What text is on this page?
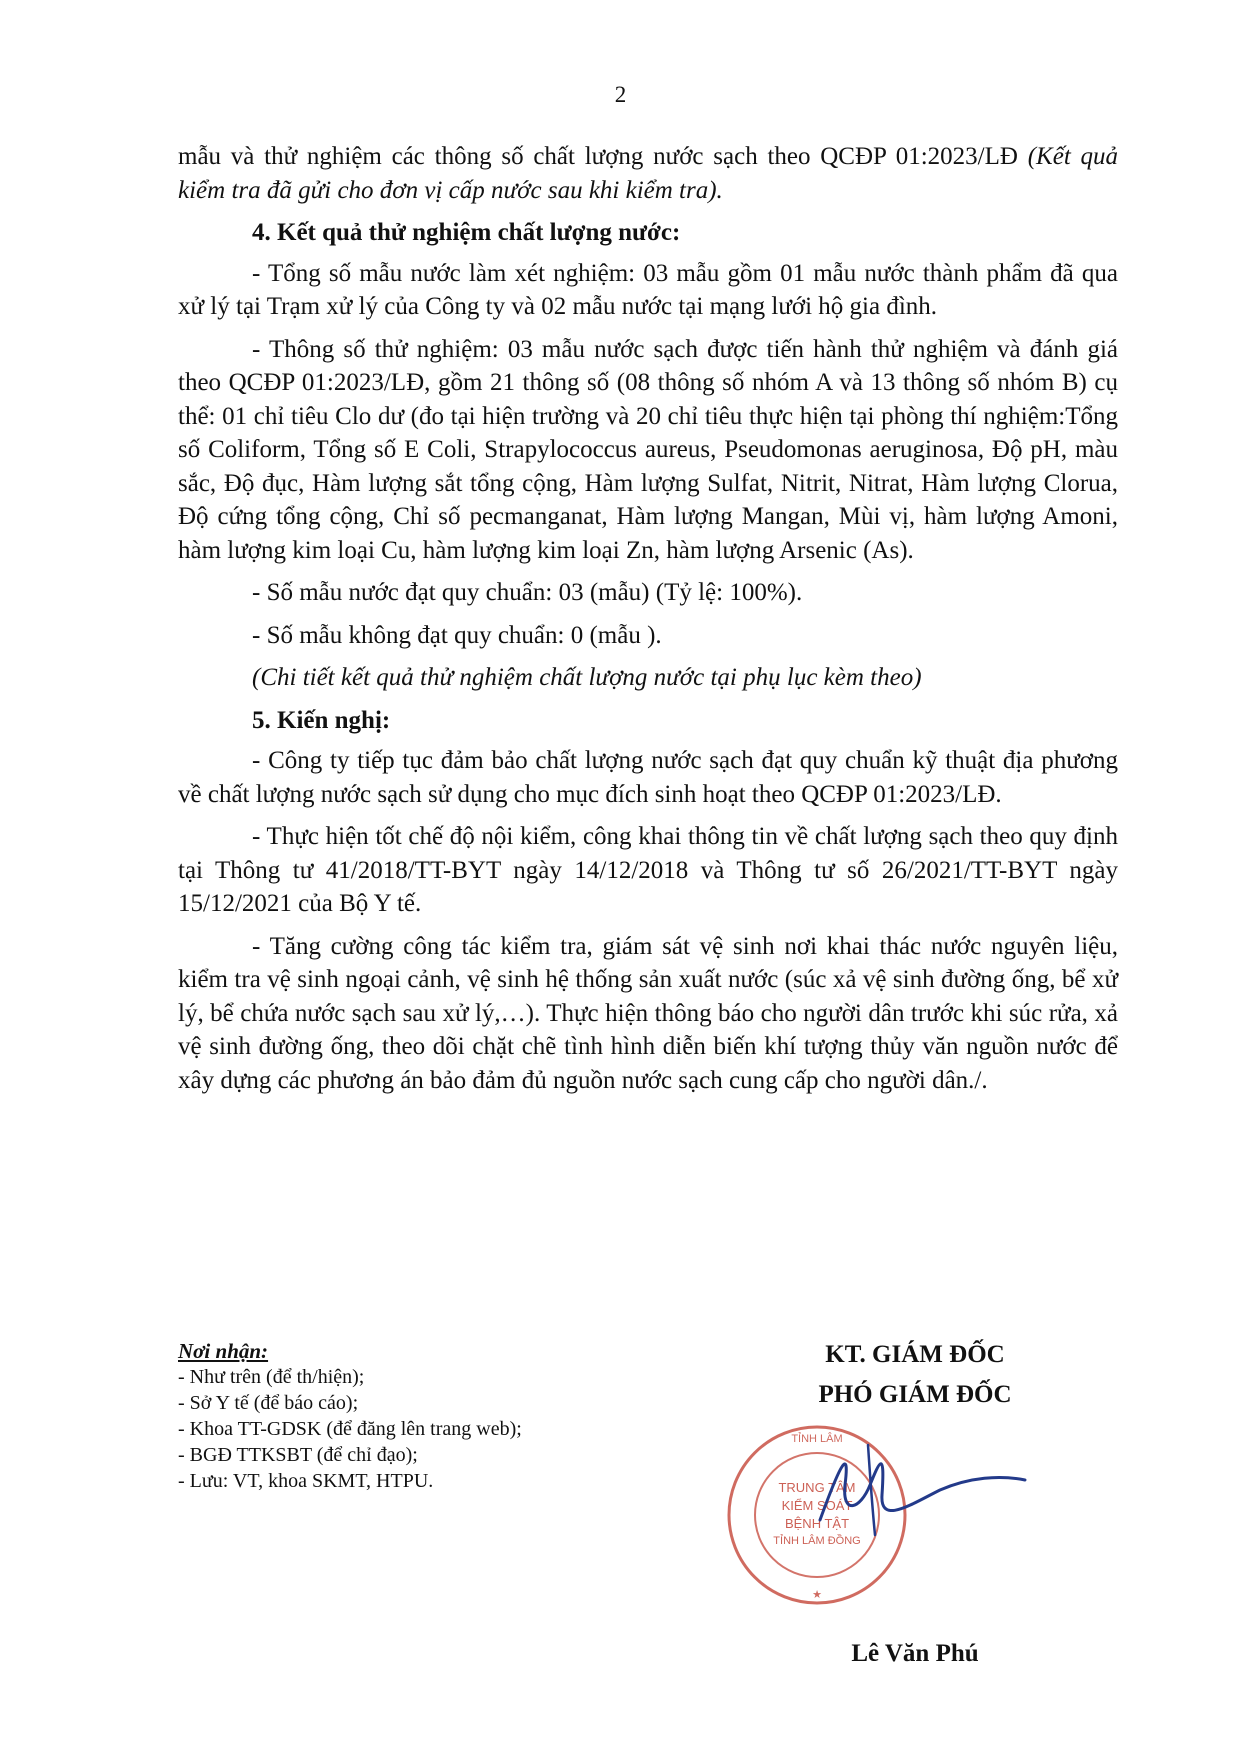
2

mẫu và thử nghiệm các thông số chất lượng nước sạch theo QCĐP 01:2023/LĐ (Kết quả kiểm tra đã gửi cho đơn vị cấp nước sau khi kiểm tra).

4. Kết quả thử nghiệm chất lượng nước:

- Tổng số mẫu nước làm xét nghiệm: 03 mẫu gồm 01 mẫu nước thành phẩm đã qua xử lý tại Trạm xử lý của Công ty và 02 mẫu nước tại mạng lưới hộ gia đình.

- Thông số thử nghiệm: 03 mẫu nước sạch được tiến hành thử nghiệm và đánh giá theo QCĐP 01:2023/LĐ, gồm 21 thông số (08 thông số nhóm A và 13 thông số nhóm B) cụ thể: 01 chỉ tiêu Clo dư (đo tại hiện trường và 20 chỉ tiêu thực hiện tại phòng thí nghiệm:Tổng số Coliform, Tổng số E Coli, Strapylococcus aureus, Pseudomonas aeruginosa, Độ pH, màu sắc, Độ đục, Hàm lượng sắt tổng cộng, Hàm lượng Sulfat, Nitrit, Nitrat, Hàm lượng Clorua, Độ cứng tổng cộng, Chỉ số pecmanganat, Hàm lượng Mangan, Mùi vị, hàm lượng Amoni, hàm lượng kim loại Cu, hàm lượng kim loại Zn, hàm lượng Arsenic (As).

- Số mẫu nước đạt quy chuẩn: 03 (mẫu) (Tỷ lệ: 100%).

- Số mẫu không đạt quy chuẩn: 0 (mẫu ).

(Chi tiết kết quả thử nghiệm chất lượng nước tại phụ lục kèm theo)

5. Kiến nghị:

- Công ty tiếp tục đảm bảo chất lượng nước sạch đạt quy chuẩn kỹ thuật địa phương về chất lượng nước sạch sử dụng cho mục đích sinh hoạt theo QCĐP 01:2023/LĐ.

- Thực hiện tốt chế độ nội kiểm, công khai thông tin về chất lượng sạch theo quy định tại Thông tư 41/2018/TT-BYT ngày 14/12/2018 và Thông tư số 26/2021/TT-BYT ngày 15/12/2021 của Bộ Y tế.

- Tăng cường công tác kiểm tra, giám sát vệ sinh nơi khai thác nước nguyên liệu, kiểm tra vệ sinh ngoại cảnh, vệ sinh hệ thống sản xuất nước (súc xả vệ sinh đường ống, bể xử lý, bể chứa nước sạch sau xử lý,…). Thực hiện thông báo cho người dân trước khi súc rửa, xả vệ sinh đường ống, theo dõi chặt chẽ tình hình diễn biến khí tượng thủy văn nguồn nước để xây dựng các phương án bảo đảm đủ nguồn nước sạch cung cấp cho người dân./.

Nơi nhận:
- Như trên (để th/hiện);
- Sở Y tế (để báo cáo);
- Khoa TT-GDSK (để đăng lên trang web);
- BGĐ TTKSBT (để chỉ đạo);
- Lưu: VT, khoa SKMT, HTPU.
KT. GIÁM ĐỐC
PHÓ GIÁM ĐỐC
TRUNG TÂM
KIỂM SOÁT
BỆNH TẬT
TỈNH LÂM ĐỒNG
TỈNH LÂM
★
Lê Văn Phú
